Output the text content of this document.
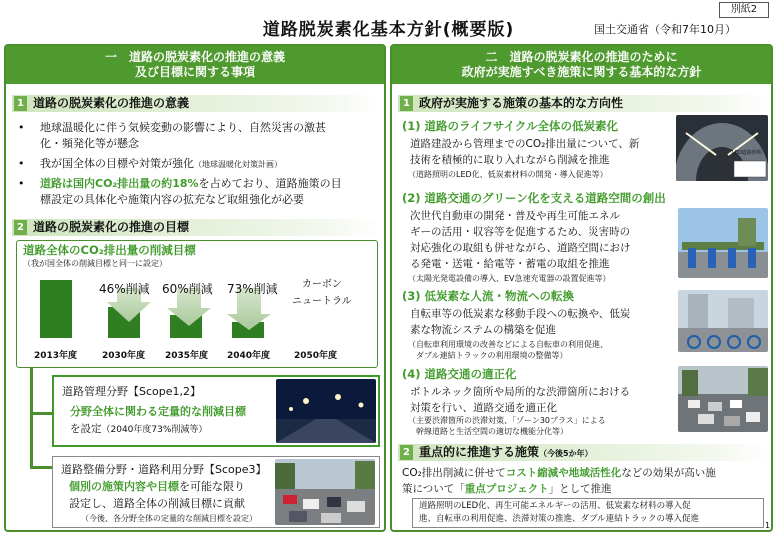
別紙2
道路脱炭素化基本方針(概要版)	国土交通省（令和7年10月）
一　道路の脱炭素化の推進の意義
及び目標に関する事項
1 道路の脱炭素化の推進の意義
• 地球温暖化に伴う気候変動の影響により、自然災害の激甚
化・頻発化等が懸念
• 我が国全体の目標や対策が強化（地球温暖化対策計画）
• 道路は国内CO₂排出量の約18%を占めており、道路施策の目
標設定の具体化や施策内容の拡充など取組強化が必要
2 道路の脱炭素化の推進の目標
道路全体のCO₂排出量の削減目標
（我が国全体の削減目標と同一に設定）
46%削減 60%削減 73%削減	カーボン
ニュートラル
2013年度	2030年度 2035年度 2040年度	2050年度
道路管理分野【Scope1,2】
分野全体に関わる定量的な削減目標
を設定（2040年度73%削減等）
道路整備分野・道路利用分野【Scope3】
個別の施策内容や目標を可能な限り
設定し、道路全体の削減目標に貢献
（今後、各分野全体の定量的な削減目標を設定）
二　道路の脱炭素化の推進のために
政府が実施すべき施策に関する基本的な方針
1 政府が実施する施策の基本的な方向性
(1) 道路のライフサイクル全体の低炭素化
道路建設から管理までのCO₂排出量について、新
技術を積極的に取り入れながら削減を推進
（道路照明のLED化、低炭素材料の開発・導入促進等）
LED道路照明
(2) 道路交通のグリーン化を支える道路空間の創出
次世代自動車の開発・普及や再生可能エネル
ギーの活用・収容等を促進するため、災害時の
対応強化の取組も併せながら、道路空間におけ
る発電・送電・給電等・蓄電の取組を推進
（太陽光発電設備の導入、EV急速充電器の設置促進等）
(3) 低炭素な人流・物流への転換
自転車等の低炭素な移動手段への転換や、低炭
素な物流システムの構築を促進
（自転車利用環境の改善などによる自転車の利用促進、
ダブル連結トラックの利用環境の整備等）
(4) 道路交通の適正化
ボトルネック箇所や局所的な渋滞箇所における
対策を行い、道路交通を適正化
（主要渋滞箇所の渋滞対策、「ゾーン30プラス」による
幹線道路と生活空間の適切な機能分化等）
2 重点的に推進する施策（今後5か年）
CO₂排出削減に併せてコスト縮減や地域活性化などの効果が高い施
策について「重点プロジェクト」として推進
道路照明のLED化、再生可能エネルギーの活用、低炭素な材料の導入促
進、自転車の利用促進、渋滞対策の推進、ダブル連結トラックの導入促進
1
